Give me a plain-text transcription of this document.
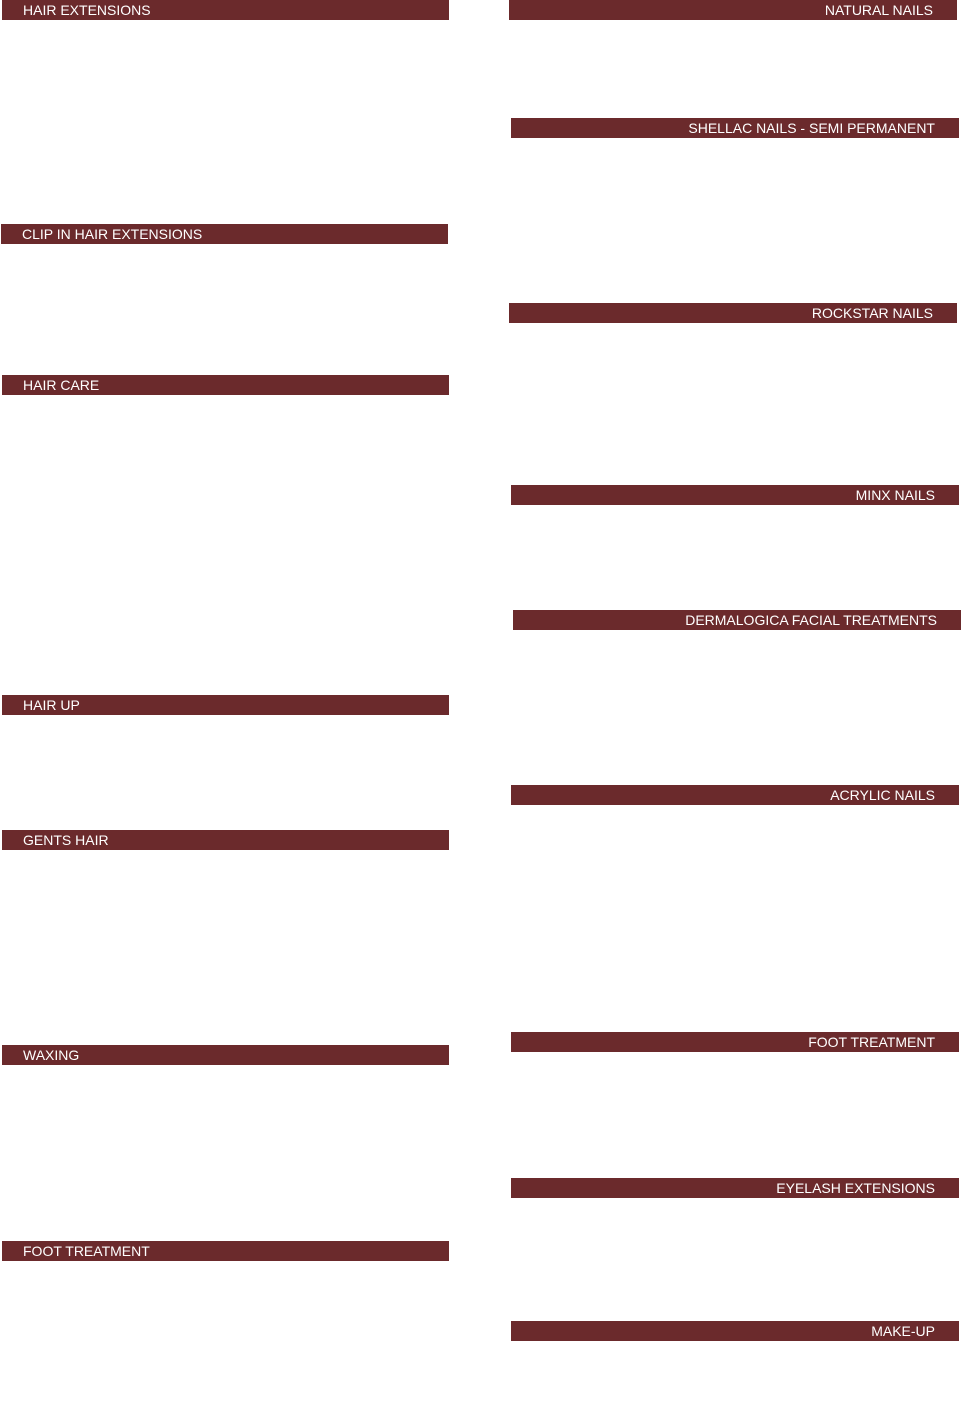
HAIR EXTENSIONS
CLIP IN HAIR EXTENSIONS
HAIR CARE
HAIR UP
GENTS HAIR
WAXING
FOOT TREATMENT
NATURAL NAILS
SHELLAC NAILS - SEMI PERMANENT
ROCKSTAR NAILS
MINX NAILS
DERMALOGICA FACIAL TREATMENTS
ACRYLIC NAILS
FOOT TREATMENT
EYELASH EXTENSIONS
MAKE-UP
